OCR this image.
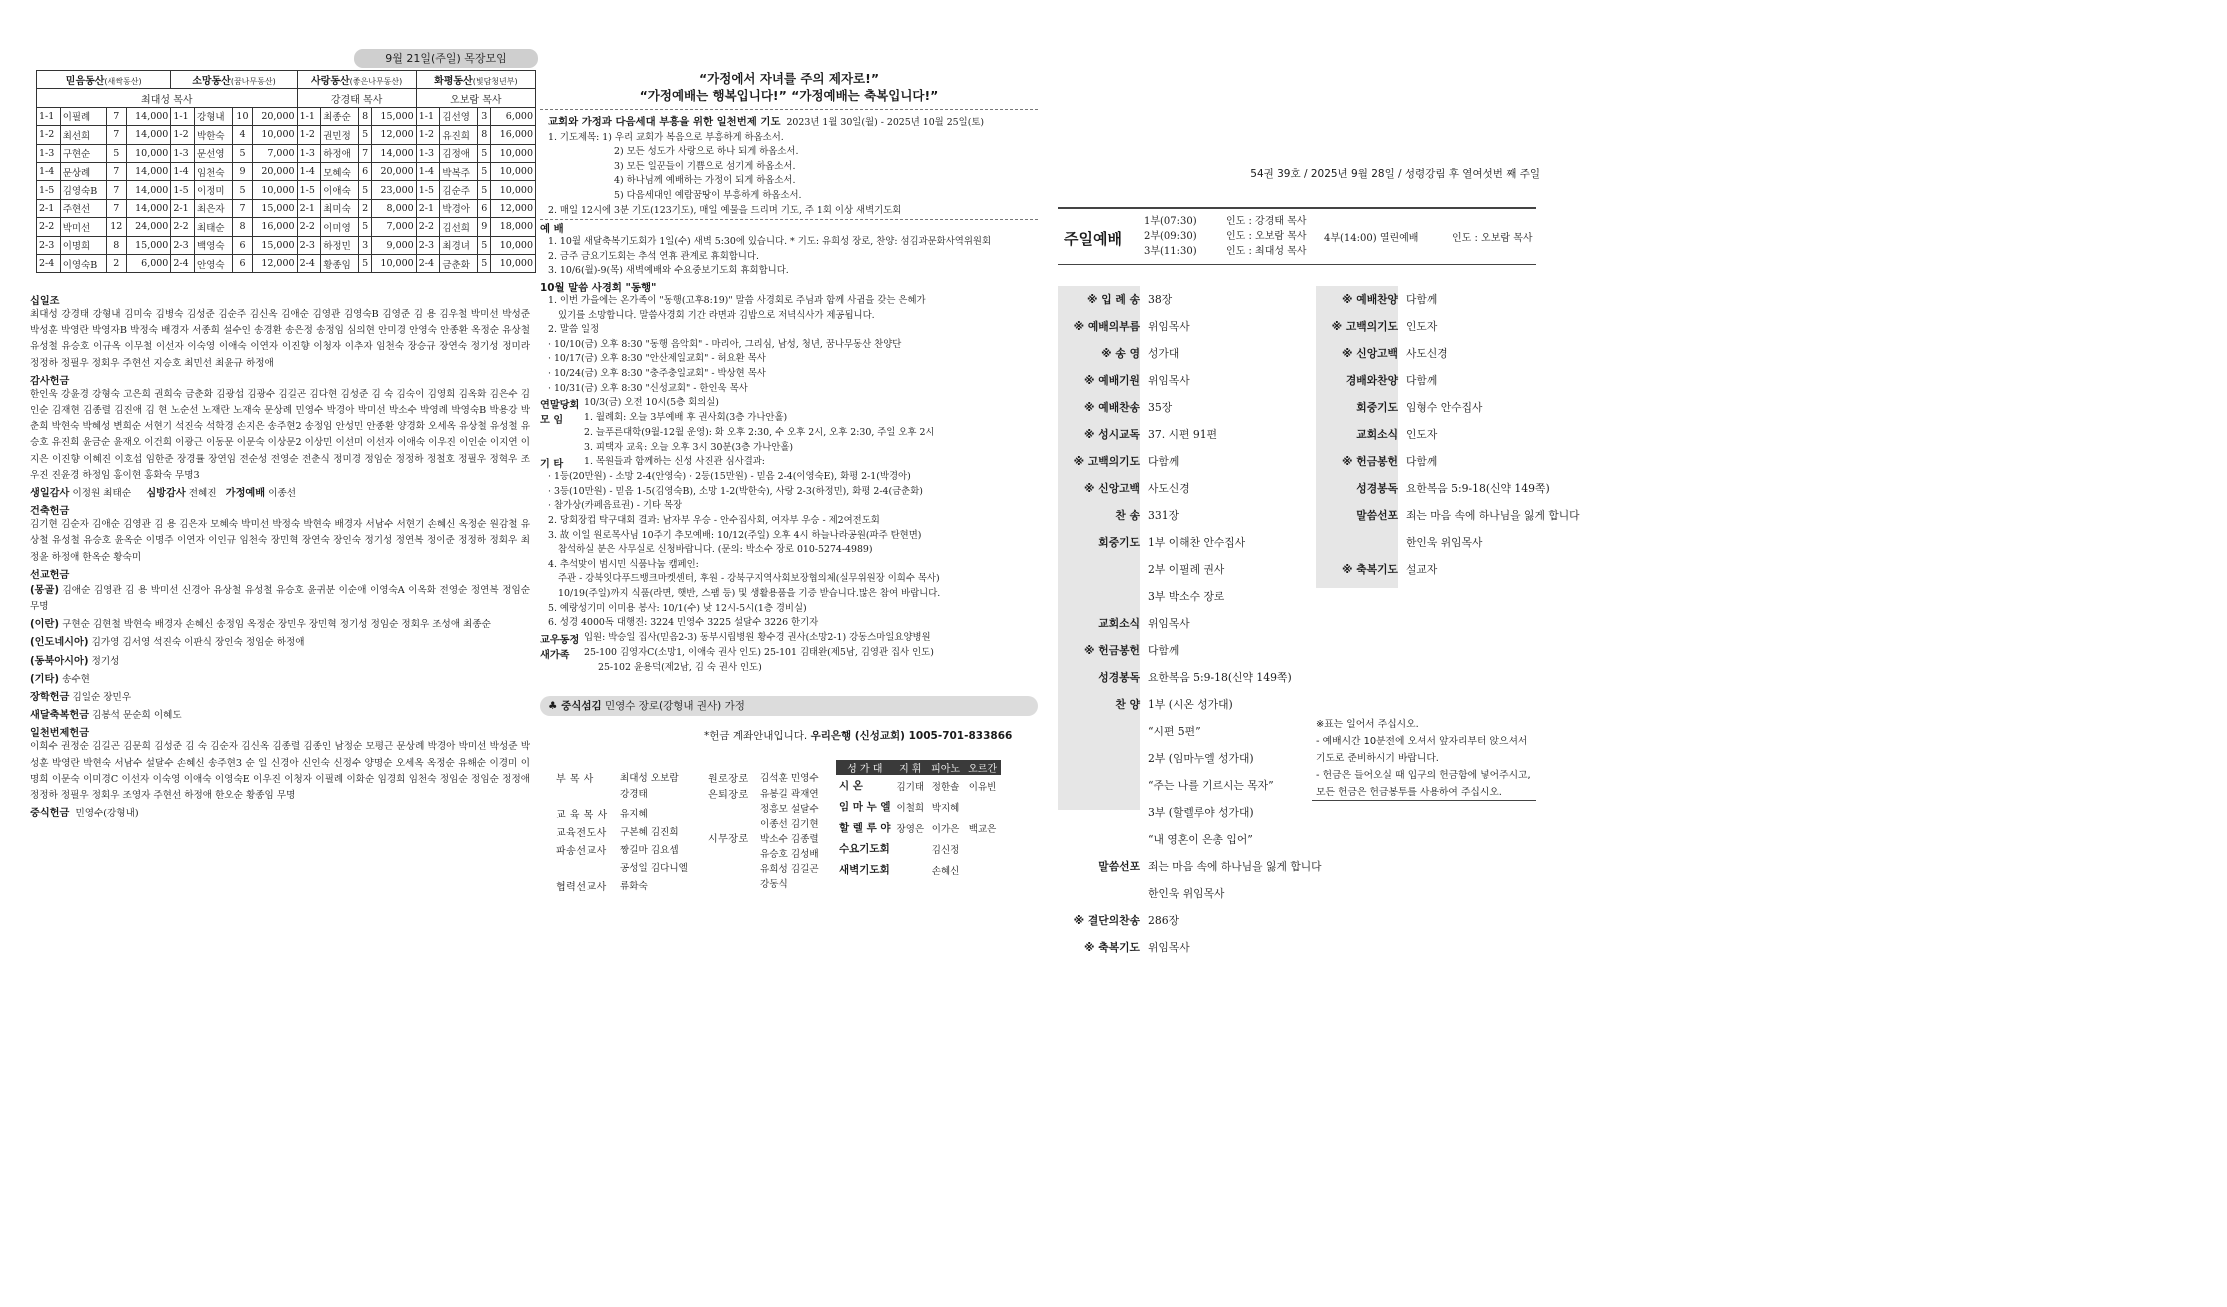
9월 21일(주일) 목장모임
믿음동산(새싹동산)				소망동산(꿈나무동산)				사랑동산(좋은나무동산)				화평동산(빛담청년부)			
최대성 목사								강경태 목사				오보람 목사			
1-1	이필례	7	14,000	1-1	강형내	10	20,000	1-1	최종순	8	15,000	1-1	김선영	3	6,000
1-2	최선희	7	14,000	1-2	박한숙	4	10,000	1-2	권민정	5	12,000	1-2	유진희	8	16,000
1-3	구현순	5	10,000	1-3	문선영	5	7,000	1-3	하정애	7	14,000	1-3	김정애	5	10,000
1-4	문상례	7	14,000	1-4	임천숙	9	20,000	1-4	모혜숙	6	20,000	1-4	박복주	5	10,000
1-5	김영숙B	7	14,000	1-5	이정미	5	10,000	1-5	이애숙	5	23,000	1-5	김순주	5	10,000
2-1	주현선	7	14,000	2-1	최은자	7	15,000	2-1	최미숙	2	8,000	2-1	박경아	6	12,000
2-2	박미선	12	24,000	2-2	최태순	8	16,000	2-2	이미영	5	7,000	2-2	김선희	9	18,000
2-3	이명희	8	15,000	2-3	백영숙	6	15,000	2-3	하정민	3	9,000	2-3	최경녀	5	10,000
2-4	이영숙B	2	6,000	2-4	안영숙	6	12,000	2-4	황종임	5	10,000	2-4	금춘화	5	10,000
십일조
최대성 강경태 강형내 김미숙 김병숙 김성준 김순주 김신옥 김애순 김영관 김영숙B 김영준 김 용 김우철 박미선 박성준 박성훈 박영란 박영자B 박정숙 배경자 서종희 설수인 송경환 송은정 송정임 심의현 안미경 안영숙 안종환 옥정순 유상철 유성철 유승호 이규옥 이무철 이선자 이숙영 이애숙 이연자 이진향 이청자 이추자 임천숙 장승규 장연숙 정기성 정미라 정정하 정필우 정회우 주현선 지승호 최민선 최윤규 하정애
감사헌금
한인욱 강윤경 강형숙 고은희 권희숙 금춘화 김광섭 김광수 김길곤 김다현 김성준 김 숙 김숙이 김영희 김옥화 김은수 김인순 김재현 김종렬 김진애 김 현 노순선 노재란 노재숙 문상례 민영수 박경아 박미선 박소수 박영례 박영숙B 박용강 박춘희 박현숙 박혜성 변희순 서현기 석진숙 석학경 손지은 송주현2 송정임 안성민 안종환 양경화 오세옥 유상철 유성철 유승호 유진희 윤금순 윤재오 이건희 이광근 이동문 이문숙 이상문2 이상민 이선미 이선자 이애숙 이우진 이인순 이지연 이지은 이진향 이혜진 이호섭 임한준 장경률 장연임 전순성 전영순 전춘식 정미경 정임순 정정하 정철호 정필우 정혁우 조우진 진윤경 하정임 홍이현 홍화숙 무명3
생일감사 이정원 최태순 심방감사 전혜진 가정예배 이종선
건축헌금
김기현 김순자 김애순 김영관 김 용 김은자 모혜숙 박미선 박정숙 박현숙 배경자 서남수 서현기 손혜신 옥정순 원감철 유상철 유성철 유승호 윤옥순 이명주 이연자 이인규 임천숙 장민혁 장연숙 장인숙 정기성 정연복 정이준 정정하 정회우 최정윤 하정애 한옥순 황숙미
선교헌금
(몽골) 김애순 김영관 김 용 박미선 신경아 유상철 유성철 유승호 윤귀분 이순애 이영숙A 이옥화 전영순 정연복 정임순 무명
(이란) 구현순 김현철 박현숙 배경자 손혜신 송정임 옥정순 장민우 장민혁 정기성 정임순 정회우 조성애 최종순
(인도네시아) 김가영 김서영 석진숙 이판식 장인숙 정임순 하정애
(동북아시아) 정기성
(기타) 송수현
장학헌금 김일순 장민우
새달축복헌금 김봉석 문순희 이혜도
일천번제헌금
이희수 권정순 김길곤 김문희 김성준 김 숙 김순자 김신옥 김종렬 김종인 남정순 모평근 문상례 박경아 박미선 박성준 박성훈 박영란 박현숙 서남수 설달수 손혜신 송주현3 순 일 신경아 신인숙 신정수 양명순 오세옥 옥정순 유해순 이경미 이명희 이문숙 이미경C 이선자 이숙영 이애숙 이영숙E 이우진 이청자 이필례 이화순 임경희 임천숙 정임순 정임순 정정애 정정하 정필우 정회우 조영자 주현선 하정애 한오순 황종임 무명
중식헌금 민영수(강형내)
“가정에서 자녀를 주의 제자로!”
“가정예배는 행복입니다!” “가정예배는 축복입니다!”
교회와 가정과 다음세대 부흥을 위한 일천번제 기도 2023년 1월 30일(월) - 2025년 10월 25일(토)
1. 기도제목: 1) 우리 교회가 복음으로 부흥하게 하옵소서.
2) 모든 성도가 사랑으로 하나 되게 하옵소서.
3) 모든 일꾼들이 기쁨으로 섬기게 하옵소서.
4) 하나님께 예배하는 가정이 되게 하옵소서.
5) 다음세대인 예람꿈땅이 부흥하게 하옵소서.
2. 매일 12시에 3분 기도(123기도), 매일 예물을 드리며 기도, 주 1회 이상 새벽기도회
예 배
1. 10월 새달축복기도회가 1일(수) 새벽 5:30에 있습니다. * 기도: 유희성 장로, 찬양: 섬김과문화사역위원회
2. 금주 금요기도회는 추석 연휴 관계로 휴회합니다.
3. 10/6(월)-9(목) 새벽예배와 수요중보기도회 휴회합니다.
10월 말씀 사경회 "동행"
1. 이번 가을에는 온가족이 "동행(고후8:19)" 말씀 사경회로 주님과 함께 사귐을 갖는 은혜가
있기를 소망합니다. 말씀사경회 기간 라면과 김밥으로 저녁식사가 제공됩니다.
2. 말씀 일정
· 10/10(금) 오후 8:30 "동행 음악회" - 마리아, 그리심, 남성, 청년, 꿈나무동산 찬양단
· 10/17(금) 오후 8:30 "안산제일교회" - 허요환 목사
· 10/24(금) 오후 8:30 "충주충일교회" - 박상현 목사
· 10/31(금) 오후 8:30 "신성교회" - 한인욱 목사
연말당회 10/3(금) 오전 10시(5층 회의실)
모 임	1. 월례회: 오늘 3부예배 후 권사회(3층 가나안홀)
2. 늘푸른대학(9월-12월 운영): 화 오후 2:30, 수 오후 2시, 오후 2:30, 주일 오후 2시
3. 피택자 교육: 오늘 오후 3시 30분(3층 가나안홀)
기 타	1. 목원들과 함께하는 신성 사진관 심사결과:
· 1등(20만원) - 소망 2-4(안영숙) · 2등(15만원) - 믿음 2-4(이영숙E), 화평 2-1(박경아)
· 3등(10만원) - 믿음 1-5(김영숙B), 소망 1-2(박한숙), 사랑 2-3(하정민), 화평 2-4(금춘화)
· 참가상(카페음료권) - 기타 목장
2. 당회장컵 탁구대회 결과: 남자부 우승 - 안수집사회, 여자부 우승 - 제2여전도회
3. 故 이일 원로목사님 10주기 추모예배: 10/12(주일) 오후 4시 하늘나라공원(파주 탄현면)
참석하실 분은 사무실로 신청바랍니다. (문의: 박소수 장로 010-5274-4989)
4. 추석맞이 범시민 식품나눔 캠페인:
주관 - 강북잇다푸드뱅크마켓센터, 후원 - 강북구지역사회보장협의체(실무위원장 이희수 목사)
10/19(주일)까지 식품(라면, 햇반, 스팸 등) 및 생활용품을 기증 받습니다.많은 참여 바랍니다.
5. 예랑성기미 이미용 봉사: 10/1(수) 낮 12시-5시(1층 경비실)
6. 성경 4000독 대행진: 3224 민영수 3225 설달수 3226 한기자
교우동정 입원: 박승일 집사(믿음2-3) 동부시립병원 황수경 권사(소망2-1) 강동스마일요양병원
새가족	25-100 김영자C(소망1, 이애숙 권사 인도) 25-101 김태완(제5남, 김영관 집사 인도)
25-102 윤용덕(제2남, 김 숙 권사 인도)
♣ 중식섬김 민영수 장로(강형내 권사) 가정
*헌금 계좌안내입니다. 우리은행 (신성교회) 1005-701-833866
부 목 사	최대성 오보람
강경태
교 육 목 사 유지혜
교육전도사 구본혜 김진희
파송선교사 짱길마 김요셉
공성일 김다니엘
협력선교사 류화숙
원로장로 김석훈 민영수
은퇴장로 유봉길 곽재연
정흥모 설달수
시무장로
이종선 김기현
박소수 김종렬
유승호 김성배
유희성 김길곤
강동식
성 가 대	지 휘	피아노	오르간
시 온	김기태	정한솔	이유빈
임 마 누 엘	이철희	박지혜	
할 렐 루 야	장영은	이가은	백교은
수요기도회		김신정	
새벽기도회		손혜신	
54권 39호 / 2025년 9월 28일 / 성령강림 후 열여섯번 째 주일
주일예배
1부(07:30)	인도 : 강경태 목사
2부(09:30)	인도 : 오보람 목사
3부(11:30)	인도 : 최대성 목사
4부(14:00) 열린예배	인도 : 오보람 목사
※ 입 례 송 38장
※ 예배의부름 위임목사
※ 송 영 성가대
※ 예배기원 위임목사
※ 예배찬송 35장
※ 성시교독 37. 시편 91편
※ 고백의기도 다함께
※ 신앙고백 사도신경
찬 송 331장
회중기도 1부 이해찬 안수집사
2부 이필례 권사
3부 박소수 장로
교회소식 위임목사
※ 헌금봉헌 다함께
성경봉독 요한복음 5:9-18(신약 149쪽)
찬 양 1부 (시온 성가대)
“시편 5편”
2부 (임마누엘 성가대)
“주는 나를 기르시는 목자”
3부 (할렐루야 성가대)
“내 영혼이 은총 입어”
말씀선포 죄는 마음 속에 하나님을 잃게 합니다
한인욱 위임목사
※ 결단의찬송 286장
※ 축복기도 위임목사
※ 예배찬양 다함께
※ 고백의기도 인도자
※ 신앙고백 사도신경
경배와찬양 다함께
회중기도 임형수 안수집사
교회소식 인도자
※ 헌금봉헌 다함께
성경봉독 요한복음 5:9-18(신약 149쪽)
말씀선포 죄는 마음 속에 하나님을 잃게 합니다
한인욱 위임목사
※ 축복기도 설교자
※표는 일어서 주십시오.
- 예배시간 10분전에 오셔서 앞자리부터 앉으셔서
기도로 준비하시기 바랍니다.
- 헌금은 들어오실 때 입구의 헌금함에 넣어주시고,
모든 헌금은 헌금봉투를 사용하여 주십시오.
